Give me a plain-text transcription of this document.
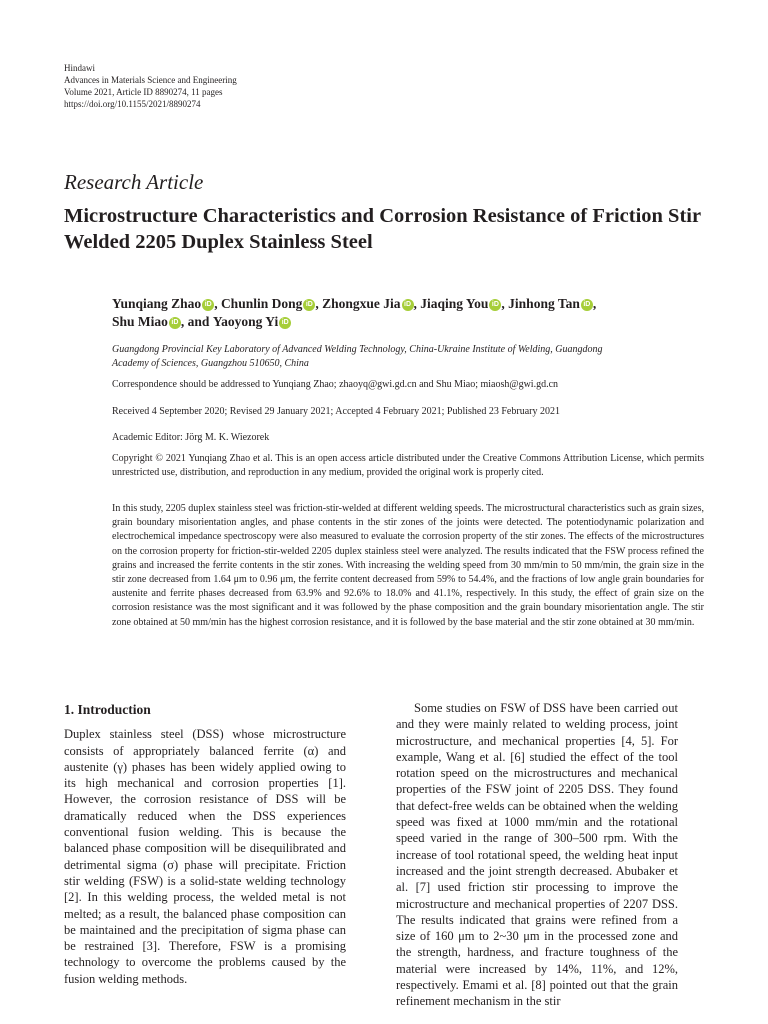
Hindawi
Advances in Materials Science and Engineering
Volume 2021, Article ID 8890274, 11 pages
https://doi.org/10.1155/2021/8890274
Research Article
Microstructure Characteristics and Corrosion Resistance of Friction Stir Welded 2205 Duplex Stainless Steel
Yunqiang Zhao iD , Chunlin Dong iD , Zhongxue Jia iD , Jiaqing You iD , Jinhong Tan iD ,
Shu Miao iD , and Yaoyong Yi iD
Guangdong Provincial Key Laboratory of Advanced Welding Technology, China-Ukraine Institute of Welding, Guangdong Academy of Sciences, Guangzhou 510650, China
Correspondence should be addressed to Yunqiang Zhao; zhaoyq@gwi.gd.cn and Shu Miao; miaosh@gwi.gd.cn
Received 4 September 2020; Revised 29 January 2021; Accepted 4 February 2021; Published 23 February 2021
Academic Editor: Jörg M. K. Wiezorek
Copyright © 2021 Yunqiang Zhao et al. This is an open access article distributed under the Creative Commons Attribution License, which permits unrestricted use, distribution, and reproduction in any medium, provided the original work is properly cited.
In this study, 2205 duplex stainless steel was friction-stir-welded at different welding speeds. The microstructural characteristics such as grain sizes, grain boundary misorientation angles, and phase contents in the stir zones of the joints were detected. The potentiodynamic polarization and electrochemical impedance spectroscopy were also measured to evaluate the corrosion property of the stir zones. The effects of the microstructures on the corrosion property for friction-stir-welded 2205 duplex stainless steel were analyzed. The results indicated that the FSW process refined the grains and increased the ferrite contents in the stir zones. With increasing the welding speed from 30 mm/min to 50 mm/min, the grain size in the stir zone decreased from 1.64 μm to 0.96 μm, the ferrite content decreased from 59% to 54.4%, and the fractions of low angle grain boundaries for austenite and ferrite phases decreased from 63.9% and 92.6% to 18.0% and 41.1%, respectively. In this study, the effect of grain size on the corrosion resistance was the most significant and it was followed by the phase composition and the grain boundary misorientation angle. The stir zone obtained at 50 mm/min has the highest corrosion resistance, and it is followed by the base material and the stir zone obtained at 30 mm/min.
1. Introduction
Duplex stainless steel (DSS) whose microstructure consists of appropriately balanced ferrite (α) and austenite (γ) phases has been widely applied owing to its high mechanical and corrosion properties [1]. However, the corrosion resistance of DSS will be dramatically reduced when the DSS experiences conventional fusion welding. This is because the balanced phase composition will be disequilibrated and detrimental sigma (σ) phase will precipitate. Friction stir welding (FSW) is a solid-state welding technology [2]. In this welding process, the welded metal is not melted; as a result, the balanced phase composition can be maintained and the precipitation of sigma phase can be restrained [3]. Therefore, FSW is a promising technology to overcome the problems caused by the fusion welding methods.
Some studies on FSW of DSS have been carried out and they were mainly related to welding process, joint microstructure, and mechanical properties [4, 5]. For example, Wang et al. [6] studied the effect of the tool rotation speed on the microstructures and mechanical properties of the FSW joint of 2205 DSS. They found that defect-free welds can be obtained when the welding speed was fixed at 1000 mm/min and the rotational speed varied in the range of 300–500 rpm. With the increase of tool rotational speed, the welding heat input increased and the joint strength decreased. Abubaker et al. [7] used friction stir processing to improve the microstructure and mechanical properties of 2207 DSS. The results indicated that grains were refined from a size of 160 μm to 2~30 μm in the processed zone and the strength, hardness, and fracture toughness of the material were increased by 14%, 11%, and 12%, respectively. Emami et al. [8] pointed out that the grain refinement mechanism in the stir
